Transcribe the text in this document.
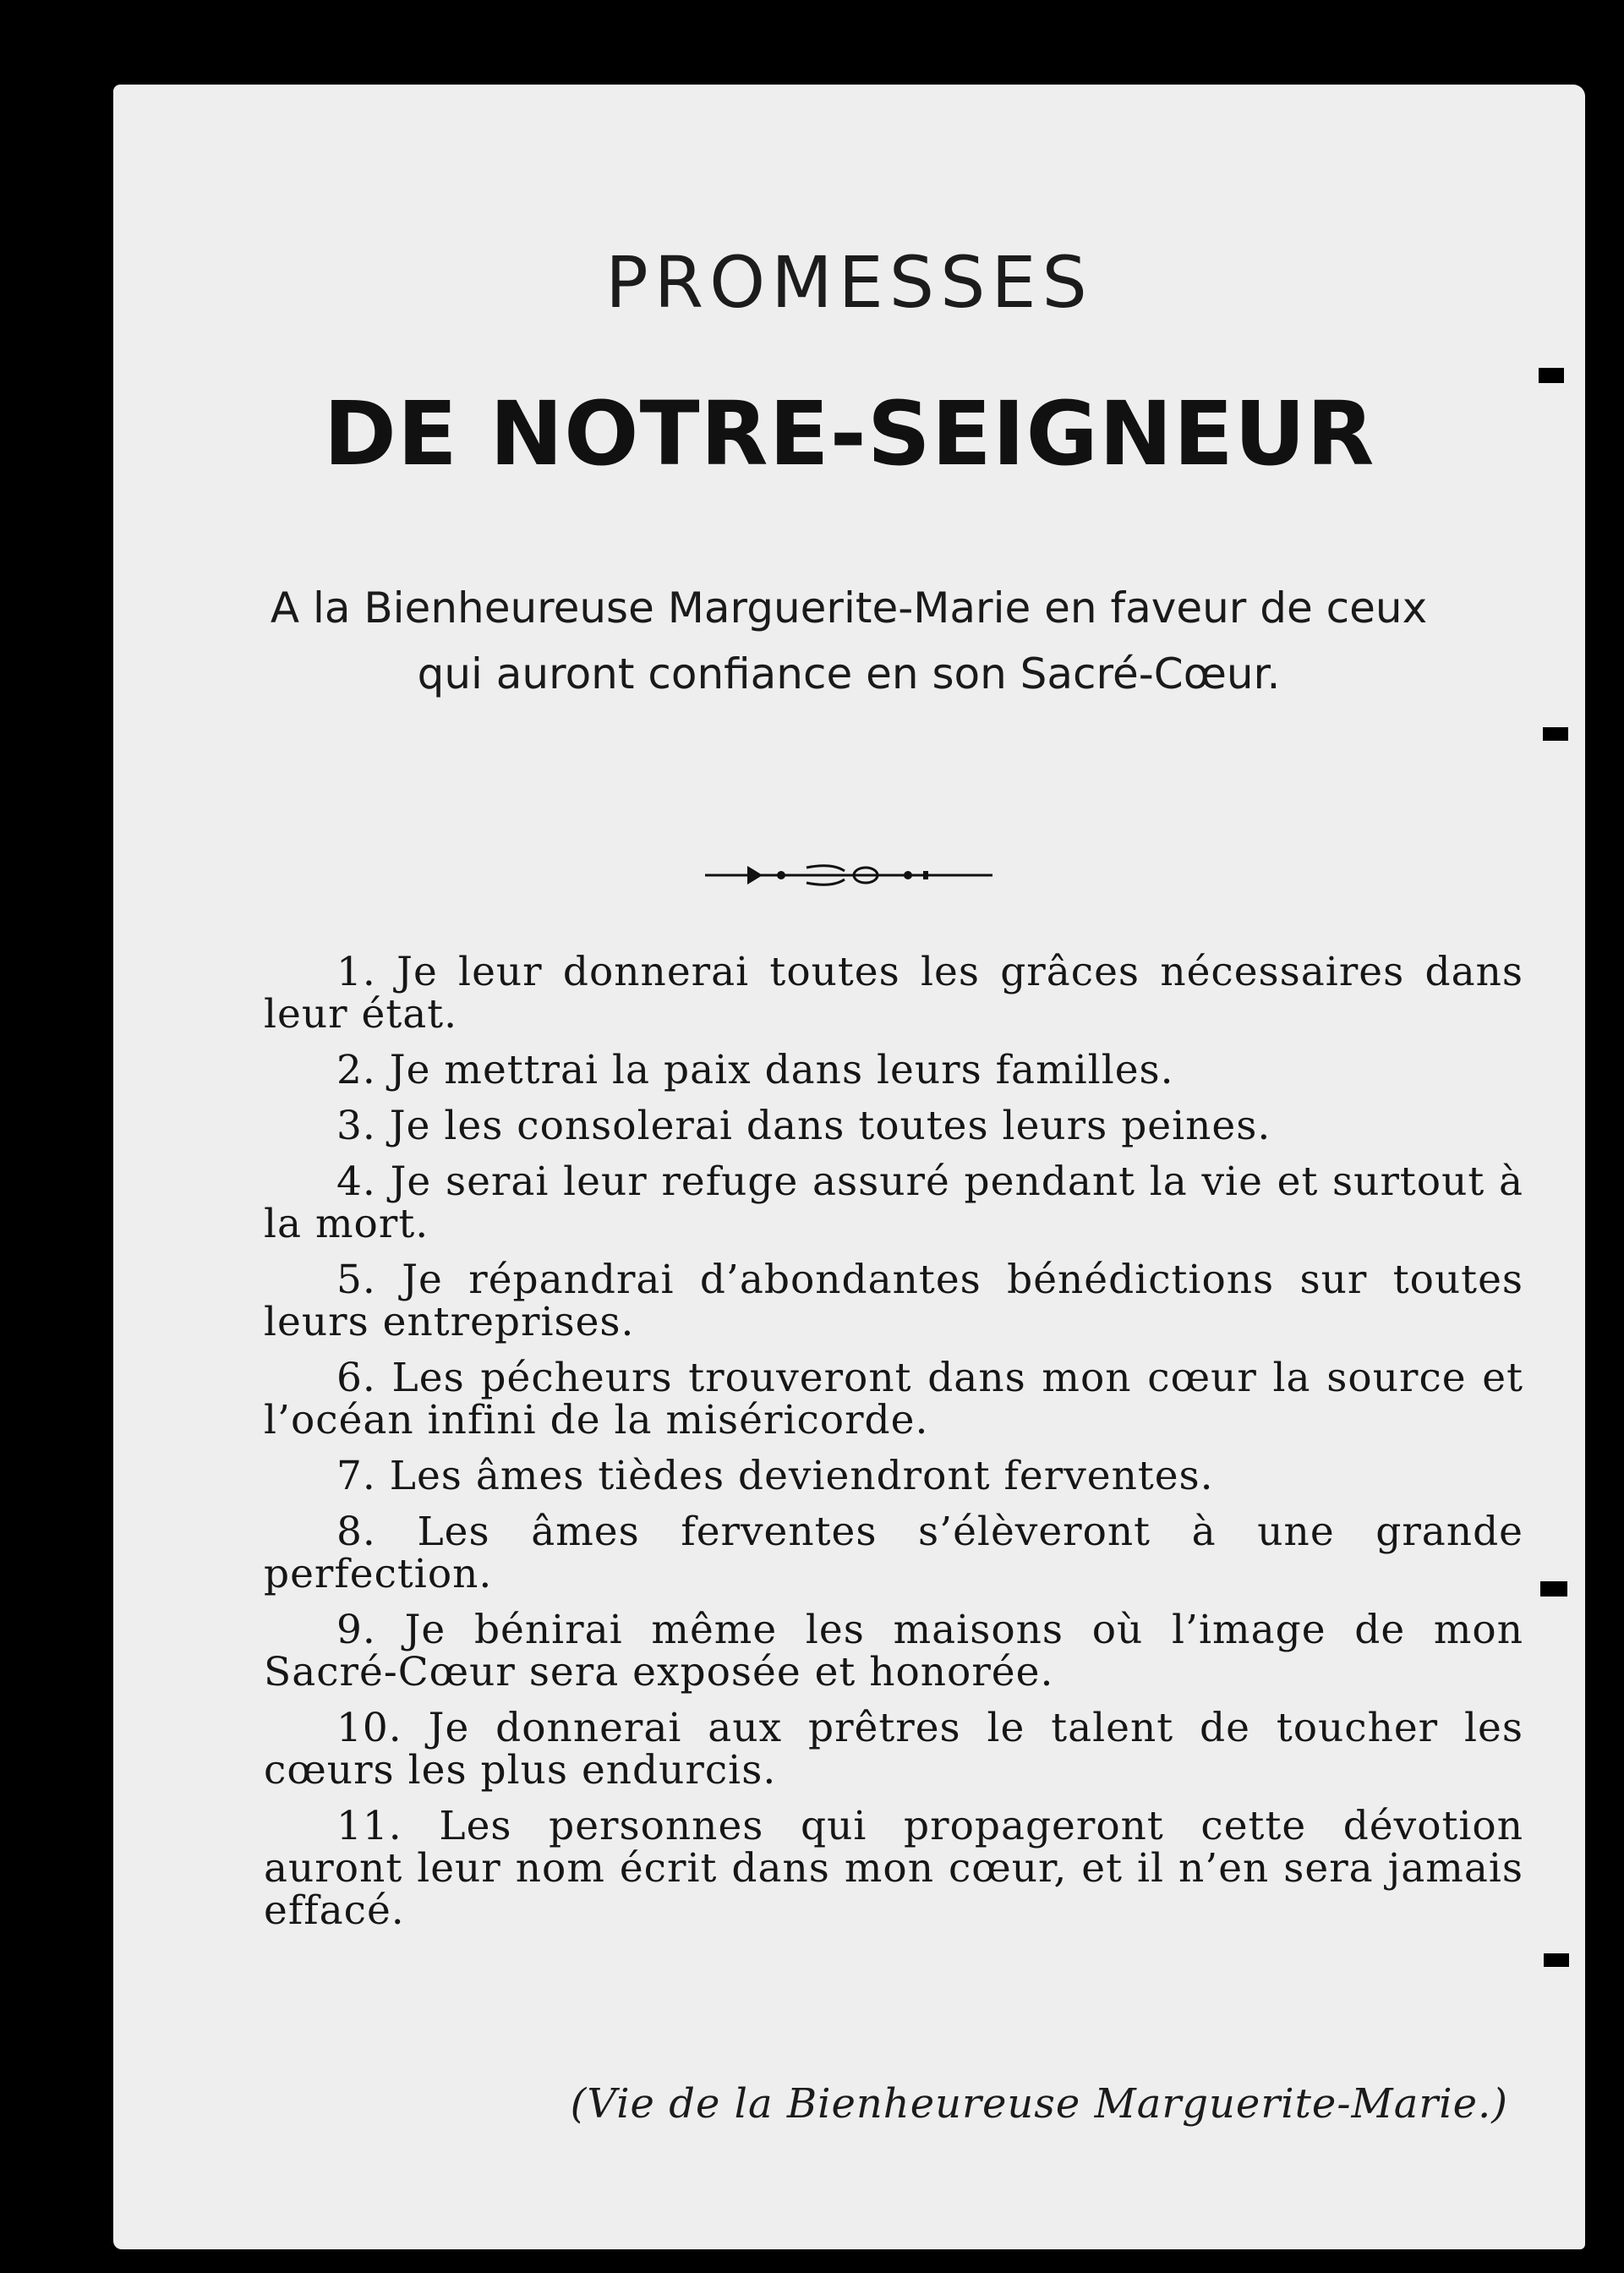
PROMESSES
DE NOTRE-SEIGNEUR
A la Bienheureuse Marguerite-Marie en faveur de ceux
qui auront confiance en son Sacré-Cœur.

1. Je leur donnerai toutes les grâces nécessaires dans leur état.

2. Je mettrai la paix dans leurs familles.

3. Je les consolerai dans toutes leurs peines.

4. Je serai leur refuge assuré pendant la vie et surtout à la mort.

5. Je répandrai d’abondantes bénédictions sur toutes leurs entreprises.

6. Les pécheurs trouveront dans mon cœur la source et l’océan infini de la miséricorde.

7. Les âmes tièdes deviendront ferventes.

8. Les âmes ferventes s’élèveront à une grande perfection.

9. Je bénirai même les maisons où l’image de mon Sacré-Cœur sera exposée et honorée.

10. Je donnerai aux prêtres le talent de toucher les cœurs les plus endurcis.

11. Les personnes qui propageront cette dévotion auront leur nom écrit dans mon cœur, et il n’en sera jamais effacé.

(Vie de la Bienheureuse Marguerite-Marie.)
